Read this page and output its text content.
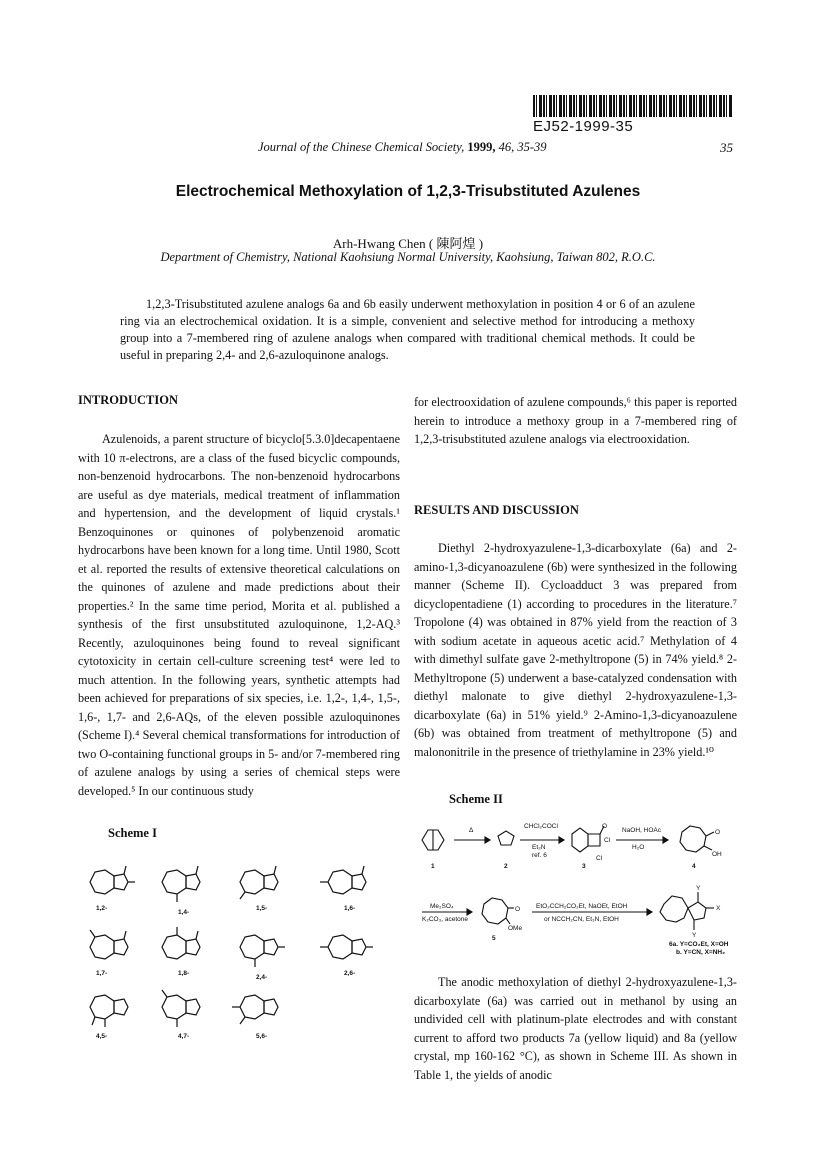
EJ52-1999-35
Journal of the Chinese Chemical Society, 1999, 46, 35-39	35
Electrochemical Methoxylation of 1,2,3-Trisubstituted Azulenes
Arh-Hwang Chen ( 陳阿煌 )
Department of Chemistry, National Kaohsiung Normal University, Kaohsiung, Taiwan 802, R.O.C.

1,2,3-Trisubstituted azulene analogs 6a and 6b easily underwent methoxylation in position 4 or 6 of an azulene ring via an electrochemical oxidation. It is a simple, convenient and selective method for introducing a methoxy group into a 7-membered ring of azulene analogs when compared with traditional chemical methods. It could be useful in preparing 2,4- and 2,6-azuloquinone analogs.

INTRODUCTION

Azulenoids, a parent structure of bicyclo[5.3.0]decapentaene with 10 π-electrons, are a class of the fused bicyclic compounds, non-benzenoid hydrocarbons. The non-benzenoid hydrocarbons are useful as dye materials, medical treatment of inflammation and hypertension, and the development of liquid crystals.¹ Benzoquinones or quinones of polybenzenoid aromatic hydrocarbons have been known for a long time. Until 1980, Scott et al. reported the results of extensive theoretical calculations on the quinones of azulene and made predictions about their properties.² In the same time period, Morita et al. published a synthesis of the first unsubstituted azuloquinone, 1,2-AQ.³ Recently, azuloquinones being found to reveal significant cytotoxicity in certain cell-culture screening test⁴ were led to much attention. In the following years, synthetic attempts had been achieved for preparations of six species, i.e. 1,2-, 1,4-, 1,5-, 1,6-, 1,7- and 2,6-AQs, of the eleven possible azuloquinones (Scheme I).⁴ Several chemical transformations for introduction of two O-containing functional groups in 5- and/or 7-membered ring of azulene analogs by using a series of chemical steps were developed.⁵ In our continuous study

Scheme I
1,2-
1,4-
1,5-	1,6-
1,7-	1,8-
2,4-
2,6-
4,5-	4,7-	5,6-

for electrooxidation of azulene compounds,⁶ this paper is reported herein to introduce a methoxy group in a 7-membered ring of 1,2,3-trisubstituted azulene analogs via electrooxidation.

RESULTS AND DISCUSSION

Diethyl 2-hydroxyazulene-1,3-dicarboxylate (6a) and 2-amino-1,3-dicyanoazulene (6b) were synthesized in the following manner (Scheme II). Cycloadduct 3 was prepared from dicyclopentadiene (1) according to procedures in the literature.⁷ Tropolone (4) was obtained in 87% yield from the reaction of 3 with sodium acetate in aqueous acetic acid.⁷ Methylation of 4 with dimethyl sulfate gave 2-methyltropone (5) in 74% yield.⁸ 2-Methyltropone (5) underwent a base-catalyzed condensation with diethyl malonate to give diethyl 2-hydroxyazulene-1,3-dicarboxylate (6a) in 51% yield.⁹ 2-Amino-1,3-dicyanoazulene (6b) was obtained from treatment of methyltropone (5) and malononitrile in the presence of triethylamine in 23% yield.¹⁰

Scheme II
Δ
CHCl₂COCl
Et₃N
ref. 6
NaOH, HOAc
H₂O
Me₂SO₄
K₂CO₃, acetone
EtO₂CCH₂CO₂Et, NaOEt, EtOH
or NCCH₂CN, Et₃N, EtOH
1	2	3	4
5
O
Cl
Cl
O
OH
O
OMe
Y
X
Y
6a. Y=CO₂Et, X=OH
b. Y=CN, X=NH₂

The anodic methoxylation of diethyl 2-hydroxyazulene-1,3-dicarboxylate (6a) was carried out in methanol by using an undivided cell with platinum-plate electrodes and with constant current to afford two products 7a (yellow liquid) and 8a (yellow crystal, mp 160-162 °C), as shown in Scheme III. As shown in Table 1, the yields of anodic
